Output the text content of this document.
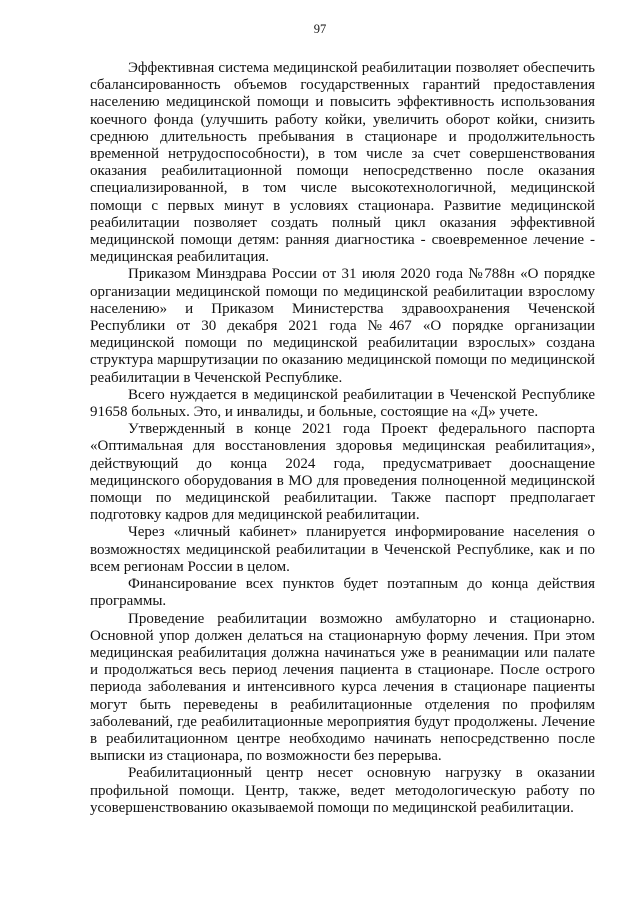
97

Эффективная система медицинской реабилитации позволяет обеспечить сбалансированность объемов государственных гарантий предоставления населению медицинской помощи и повысить эффективность использования коечного фонда (улучшить работу койки, увеличить оборот койки, снизить среднюю длительность пребывания в стационаре и продолжительность временной нетрудоспособности), в том числе за счет совершенствования оказания реабилитационной помощи непосредственно после оказания специализированной, в том числе высокотехнологичной, медицинской помощи с первых минут в условиях стационара. Развитие медицинской реабилитации позволяет создать полный цикл оказания эффективной медицинской помощи детям: ранняя диагностика - своевременное лечение - медицинская реабилитация.

Приказом Минздрава России от 31 июля 2020 года №788н «О порядке организации медицинской помощи по медицинской реабилитации взрослому населению» и Приказом Министерства здравоохранения Чеченской Республики от 30 декабря 2021 года №467 «О порядке организации медицинской помощи по медицинской реабилитации взрослых» создана структура маршрутизации по оказанию медицинской помощи по медицинской реабилитации в Чеченской Республике.

Всего нуждается в медицинской реабилитации в Чеченской Республике 91658 больных. Это, и инвалиды, и больные, состоящие на «Д» учете.

Утвержденный в конце 2021 года Проект федерального паспорта «Оптимальная для восстановления здоровья медицинская реабилитация», действующий до конца 2024 года, предусматривает дооснащение медицинского оборудования в МО для проведения полноценной медицинской помощи по медицинской реабилитации. Также паспорт предполагает подготовку кадров для медицинской реабилитации.

Через «личный кабинет» планируется информирование населения о возможностях медицинской реабилитации в Чеченской Республике, как и по всем регионам России в целом.

Финансирование всех пунктов будет поэтапным до конца действия программы.

Проведение реабилитации возможно амбулаторно и стационарно. Основной упор должен делаться на стационарную форму лечения. При этом медицинская реабилитация должна начинаться уже в реанимации или палате и продолжаться весь период лечения пациента в стационаре. После острого периода заболевания и интенсивного курса лечения в стационаре пациенты могут быть переведены в реабилитационные отделения по профилям заболеваний, где реабилитационные мероприятия будут продолжены. Лечение в реабилитационном центре необходимо начинать непосредственно после выписки из стационара, по возможности без перерыва.

Реабилитационный центр несет основную нагрузку в оказании профильной помощи. Центр, также, ведет методологическую работу по усовершенствованию оказываемой помощи по медицинской реабилитации.
